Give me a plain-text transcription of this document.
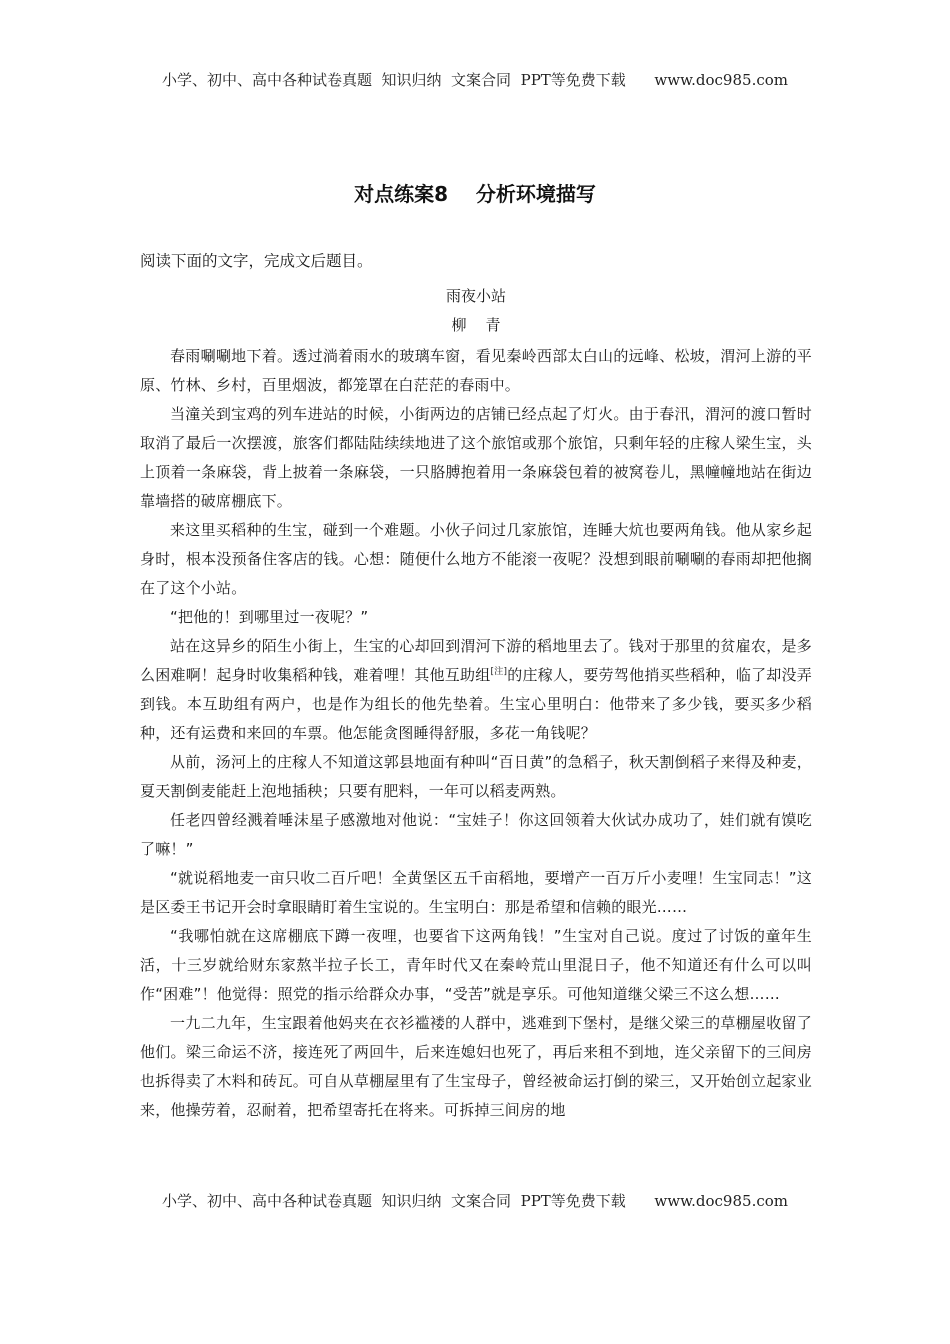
小学、初中、高中各种试卷真题  知识归纳  文案合同  PPT等免费下载      www.doc985.com
对点练案8    分析环境描写

阅读下面的文字，完成文后题目。

雨夜小站

柳    青

春雨唰唰地下着。透过淌着雨水的玻璃车窗，看见秦岭西部太白山的远峰、松坡，渭河上游的平原、竹林、乡村，百里烟波，都笼罩在白茫茫的春雨中。

当潼关到宝鸡的列车进站的时候，小街两边的店铺已经点起了灯火。由于春汛，渭河的渡口暂时取消了最后一次摆渡，旅客们都陆陆续续地进了这个旅馆或那个旅馆，只剩年轻的庄稼人梁生宝，头上顶着一条麻袋，背上披着一条麻袋，一只胳膊抱着用一条麻袋包着的被窝卷儿，黑幢幢地站在街边靠墙搭的破席棚底下。

来这里买稻种的生宝，碰到一个难题。小伙子问过几家旅馆，连睡大炕也要两角钱。他从家乡起身时，根本没预备住客店的钱。心想：随便什么地方不能滚一夜呢？没想到眼前唰唰的春雨却把他搁在了这个小站。

“把他的！到哪里过一夜呢？”

站在这异乡的陌生小街上，生宝的心却回到渭河下游的稻地里去了。钱对于那里的贫雇农，是多么困难啊！起身时收集稻种钱，难着哩！其他互助组[注]的庄稼人，要劳驾他捎买些稻种，临了却没弄到钱。本互助组有两户，也是作为组长的他先垫着。生宝心里明白：他带来了多少钱，要买多少稻种，还有运费和来回的车票。他怎能贪图睡得舒服，多花一角钱呢？

从前，汤河上的庄稼人不知道这郭县地面有种叫“百日黄”的急稻子，秋天割倒稻子来得及种麦，夏天割倒麦能赶上泡地插秧；只要有肥料，一年可以稻麦两熟。

任老四曾经溅着唾沫星子感激地对他说：“宝娃子！你这回领着大伙试办成功了，娃们就有馍吃了嘛！”

“就说稻地麦一亩只收二百斤吧！全黄堡区五千亩稻地，要增产一百万斤小麦哩！生宝同志！”这是区委王书记开会时拿眼睛盯着生宝说的。生宝明白：那是希望和信赖的眼光……

“我哪怕就在这席棚底下蹲一夜哩，也要省下这两角钱！”生宝对自己说。度过了讨饭的童年生活，十三岁就给财东家熬半拉子长工，青年时代又在秦岭荒山里混日子，他不知道还有什么可以叫作“困难”！他觉得：照党的指示给群众办事，“受苦”就是享乐。可他知道继父梁三不这么想……

一九二九年，生宝跟着他妈夹在衣衫褴褛的人群中，逃难到下堡村，是继父梁三的草棚屋收留了他们。梁三命运不济，接连死了两回牛，后来连媳妇也死了，再后来租不到地，连父亲留下的三间房也拆得卖了木料和砖瓦。可自从草棚屋里有了生宝母子，曾经被命运打倒的梁三，又开始创立起家业来，他操劳着，忍耐着，把希望寄托在将来。可拆掉三间房的地

小学、初中、高中各种试卷真题  知识归纳  文案合同  PPT等免费下载      www.doc985.com
